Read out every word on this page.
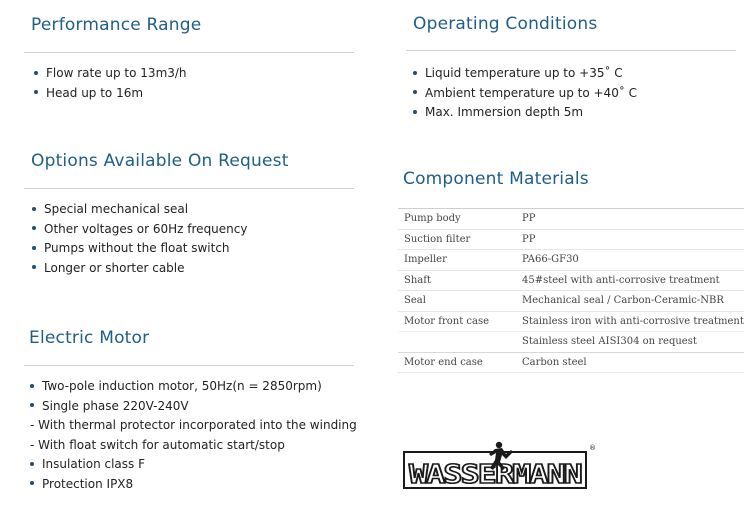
Performance Range
Flow rate up to 13m3/h
Head up to 16m
Operating Conditions
Liquid temperature up to +35˚ C
Ambient temperature up to +40˚ C
Max. Immersion depth 5m
Options Available On Request
Special mechanical seal
Other voltages or 60Hz frequency
Pumps without the float switch
Longer or shorter cable
Component Materials
Pump body	PP
Suction filter	PP
Impeller	PA66-GF30
Shaft	45#steel with anti-corrosive treatment
Seal	Mechanical seal / Carbon-Ceramic-NBR
Motor front case	Stainless iron with anti-corrosive treatment
	Stainless steel AISI304 on request
Motor end case	Carbon steel
Electric Motor
Two-pole induction motor, 50Hz(n = 2850rpm)
Single phase 220V-240V
- With thermal protector incorporated into the winding
- With float switch for automatic start/stop
Insulation class F
Protection IPX8
®
WASSERMANN
